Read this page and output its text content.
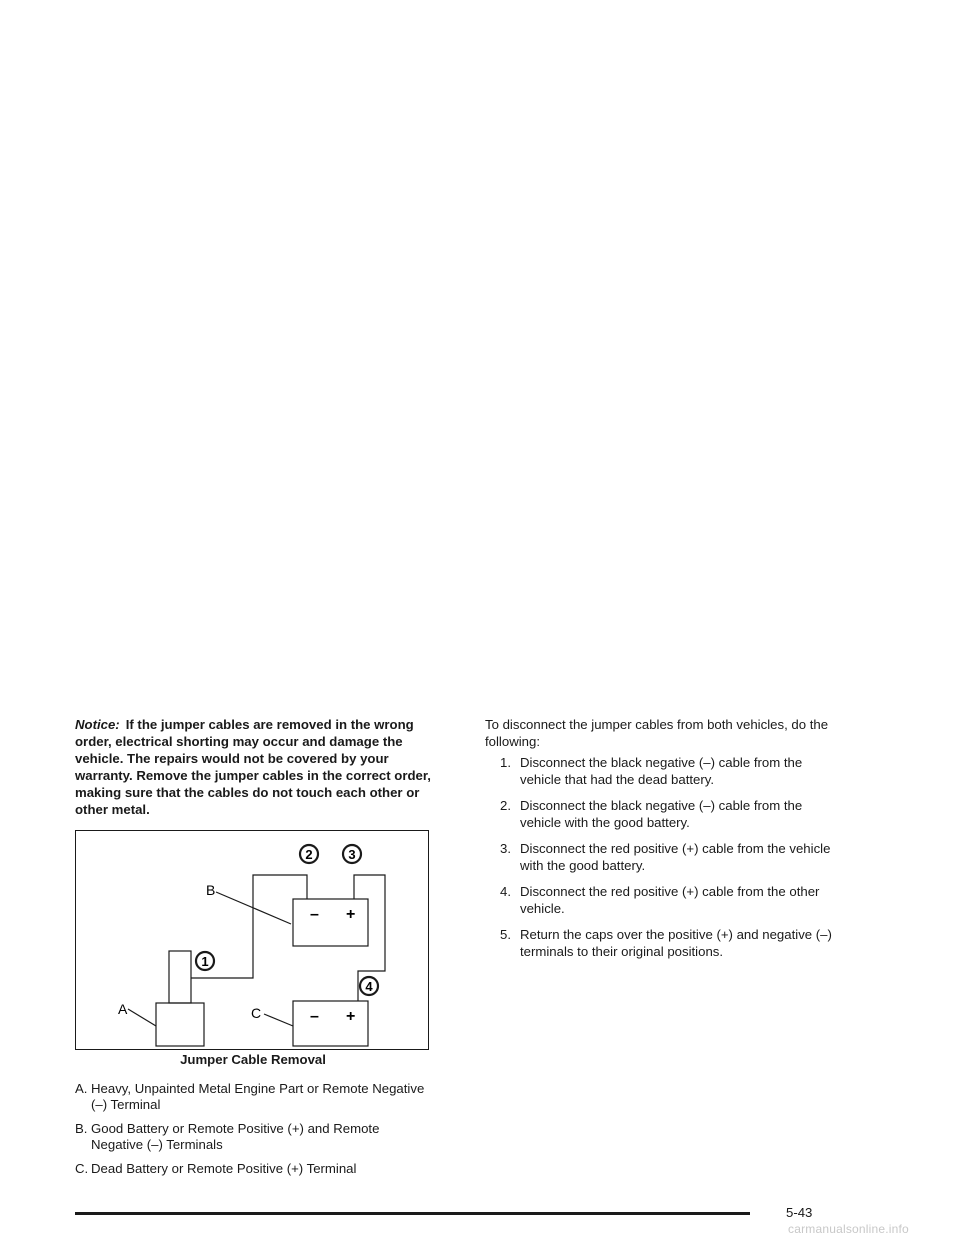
Notice: If the jumper cables are removed in the wrong order, electrical shorting may occur and damage the vehicle. The repairs would not be covered by your warranty. Remove the jumper cables in the correct order, making sure that the cables do not touch each other or other metal.

– +
– +
B
A	C
1
2	3
4
Jumper Cable Removal
A. Heavy, Unpainted Metal Engine Part or Remote Negative (–) Terminal
B. Good Battery or Remote Positive (+) and Remote Negative (–) Terminals
C. Dead Battery or Remote Positive (+) Terminal

To disconnect the jumper cables from both vehicles, do the following:

1. Disconnect the black negative (–) cable from the vehicle that had the dead battery.
2. Disconnect the black negative (–) cable from the vehicle with the good battery.
3. Disconnect the red positive (+) cable from the vehicle with the good battery.
4. Disconnect the red positive (+) cable from the other vehicle.
5. Return the caps over the positive (+) and negative (–) terminals to their original positions.
5-43
carmanualsonline.info
